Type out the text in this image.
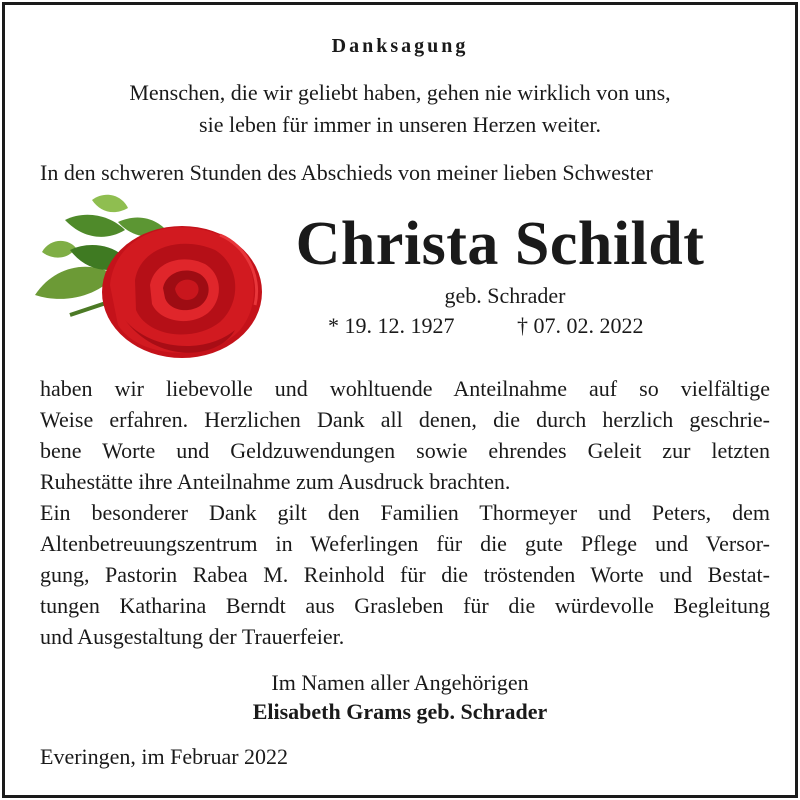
Danksagung
Menschen, die wir geliebt haben, gehen nie wirklich von uns,
sie leben für immer in unseren Herzen weiter.
In den schweren Stunden des Abschieds von meiner lieben Schwester
Christa Schildt
geb. Schrader
* 19. 12. 1927	† 07. 02. 2022
haben wir liebevolle und wohltuende Anteilnahme auf so vielfältige
Weise erfahren. Herzlichen Dank all denen, die durch herzlich geschrie-
bene Worte und Geldzuwendungen sowie ehrendes Geleit zur letzten
Ruhestätte ihre Anteilnahme zum Ausdruck brachten.
Ein besonderer Dank gilt den Familien Thormeyer und Peters, dem
Altenbetreuungszentrum in Weferlingen für die gute Pflege und Versor-
gung, Pastorin Rabea M. Reinhold für die tröstenden Worte und Bestat-
tungen Katharina Berndt aus Grasleben für die würdevolle Begleitung
und Ausgestaltung der Trauerfeier.
Im Namen aller Angehörigen
Elisabeth Grams geb. Schrader
Everingen, im Februar 2022
